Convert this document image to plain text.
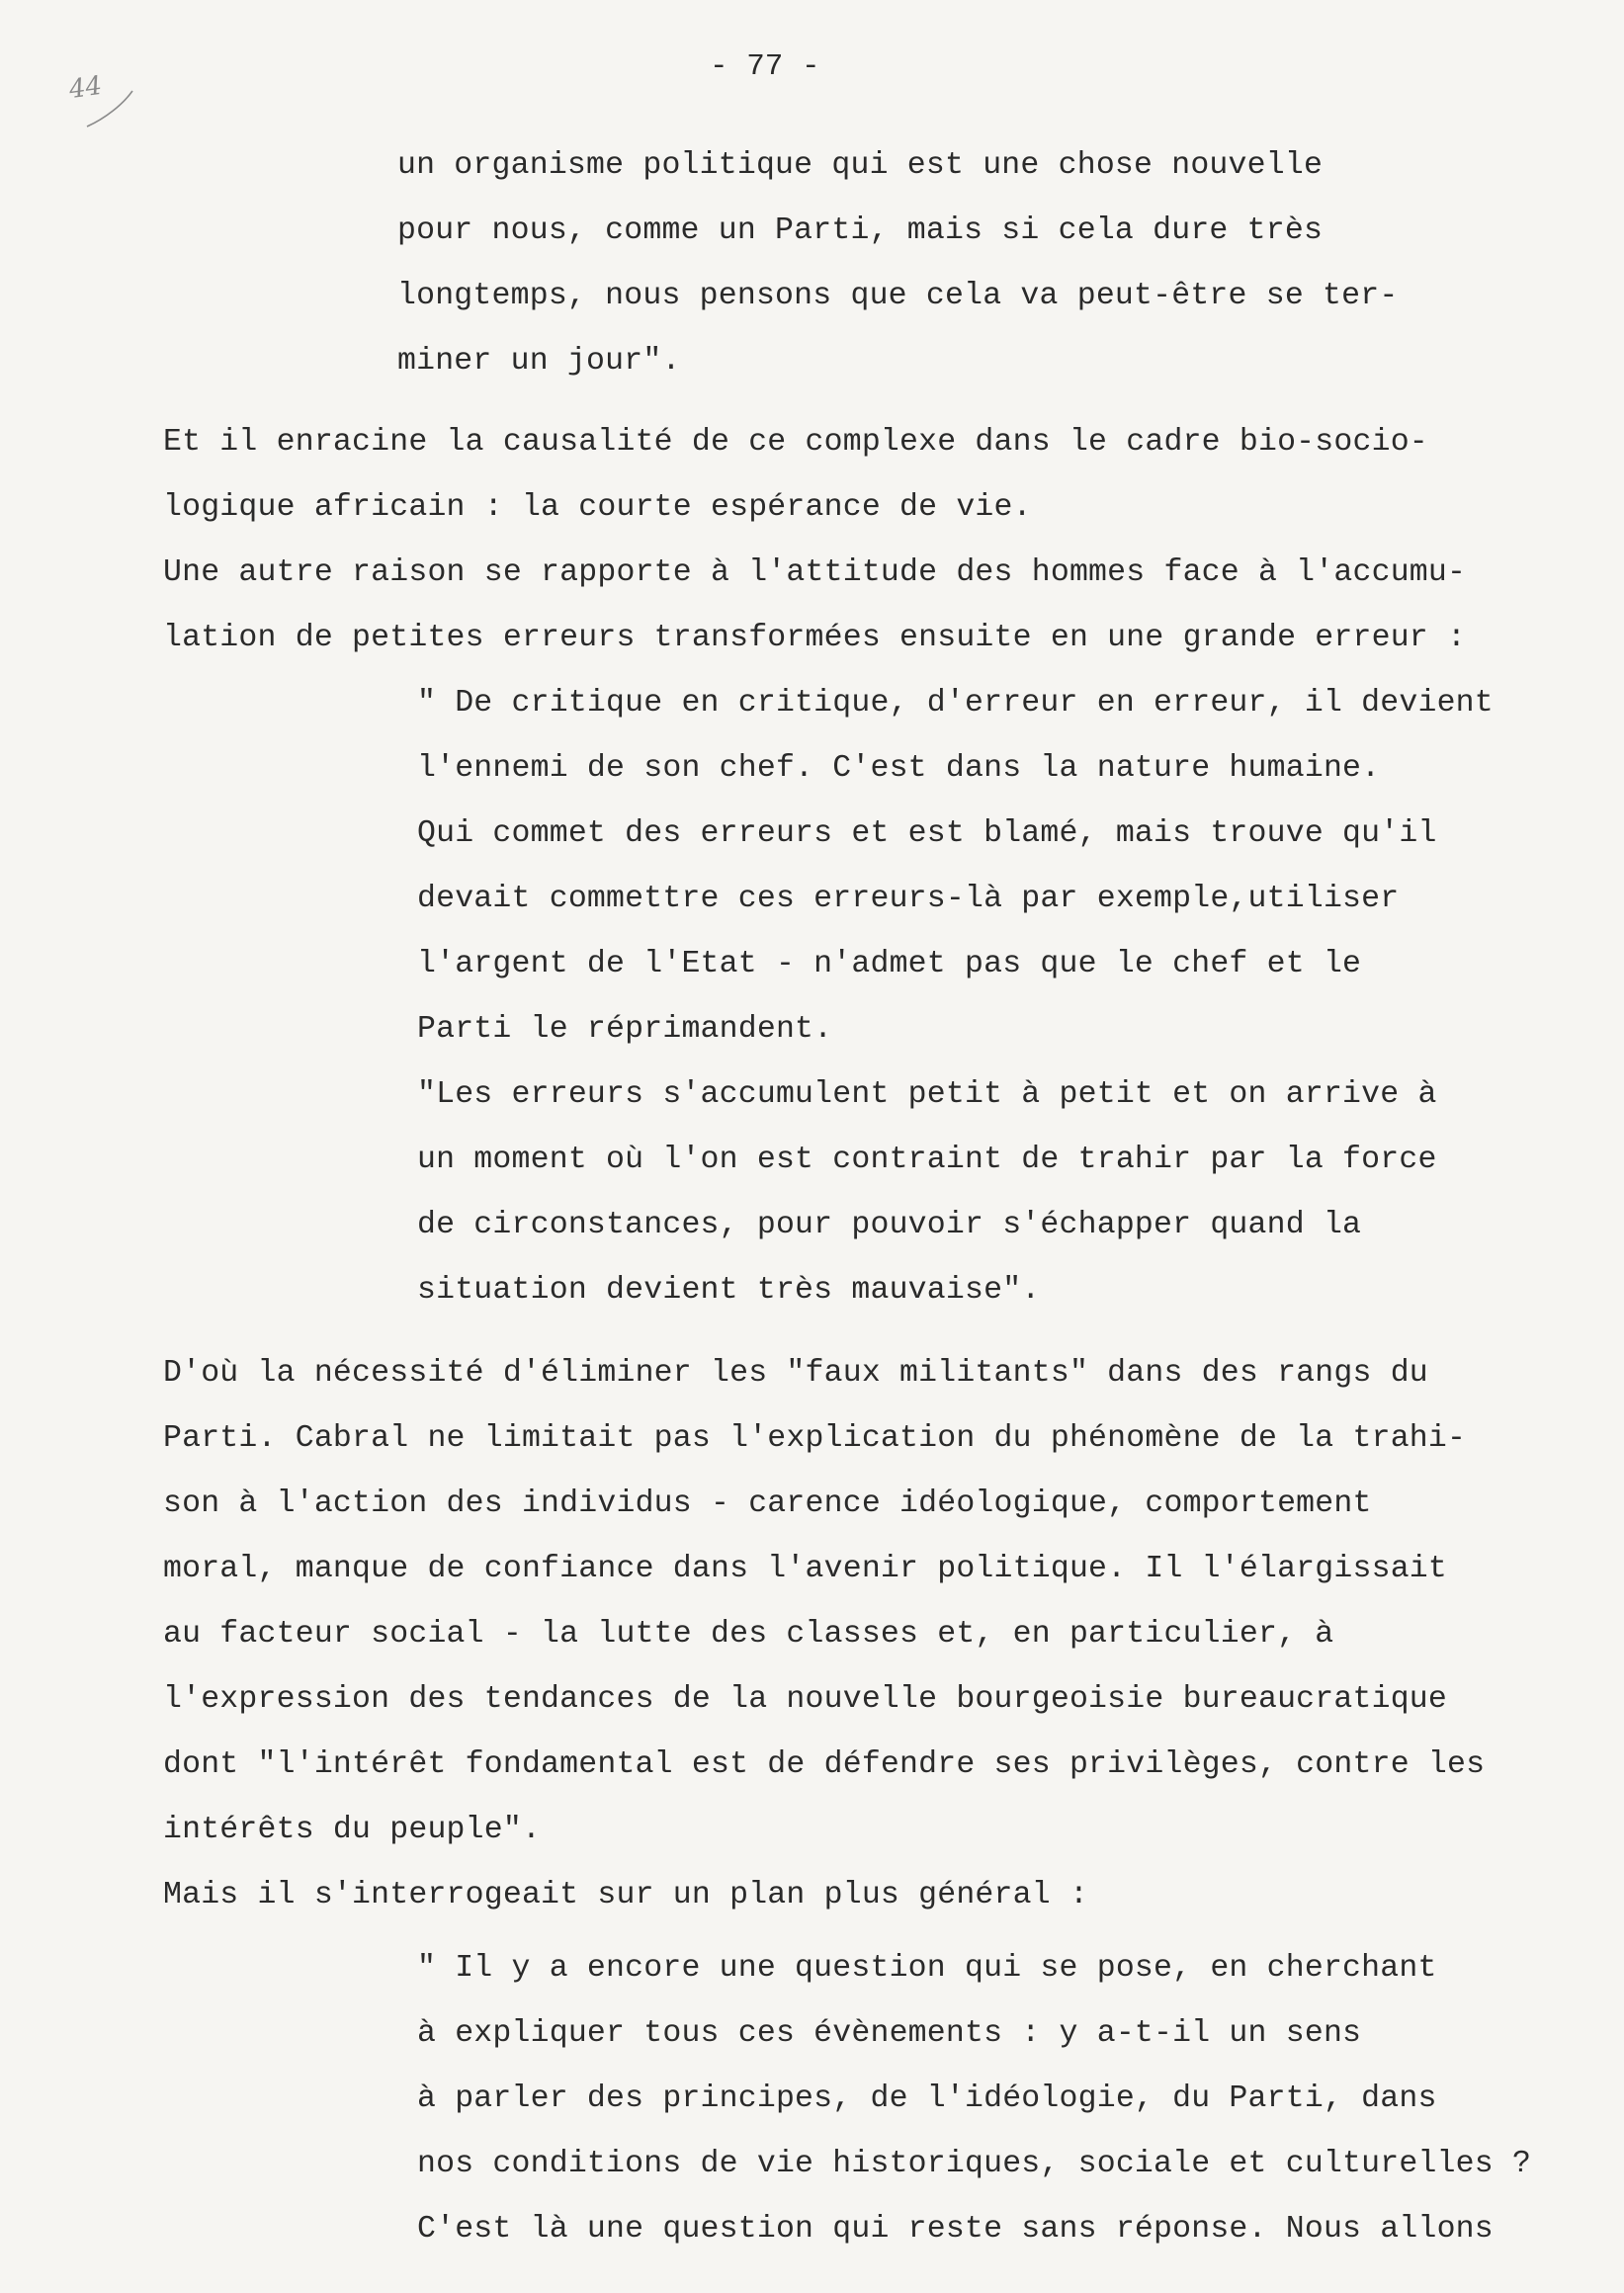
- 77 -
44
un organisme politique qui est une chose nouvelle
pour nous, comme un Parti, mais si cela dure très
longtemps, nous pensons que cela va peut-être se ter-
miner un jour".
Et il enracine la causalité de ce complexe dans le cadre bio-socio-
logique africain : la courte espérance de vie.
Une autre raison se rapporte à l'attitude des hommes face à l'accumu-
lation de petites erreurs transformées ensuite en une grande erreur :
" De critique en critique, d'erreur en erreur, il devient
l'ennemi de son chef. C'est dans la nature humaine.
Qui commet des erreurs et est blamé, mais trouve qu'il
devait commettre ces erreurs-là par exemple,utiliser
l'argent de l'Etat - n'admet pas que le chef et le
Parti le réprimandent.
"Les erreurs s'accumulent petit à petit et on arrive à
un moment où l'on est contraint de trahir par la force
de circonstances, pour pouvoir s'échapper quand la
situation devient très mauvaise".
D'où la nécessité d'éliminer les "faux militants" dans des rangs du
Parti. Cabral ne limitait pas l'explication du phénomène de la trahi-
son à l'action des individus - carence idéologique, comportement
moral, manque de confiance dans l'avenir politique. Il l'élargissait
au facteur social - la lutte des classes et, en particulier, à
l'expression des tendances de la nouvelle bourgeoisie bureaucratique
dont "l'intérêt fondamental est de défendre ses privilèges, contre les
intérêts du peuple".
Mais il s'interrogeait sur un plan plus général :
" Il y a encore une question qui se pose, en cherchant
à expliquer tous ces évènements : y a-t-il un sens
à parler des principes, de l'idéologie, du Parti, dans
nos conditions de vie historiques, sociale et culturelles ?
C'est là une question qui reste sans réponse. Nous allons
